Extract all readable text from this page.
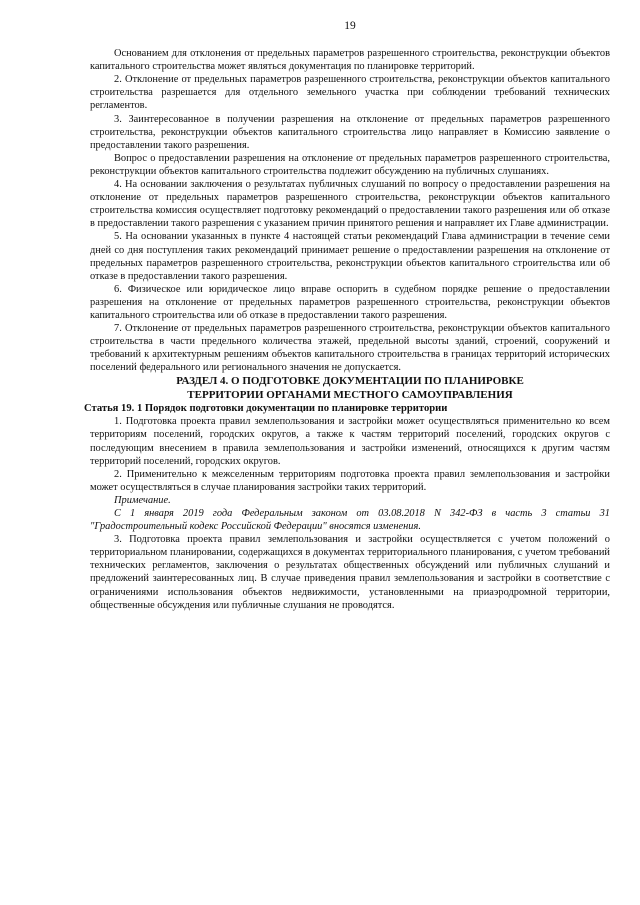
19

Основанием для отклонения от предельных параметров разрешенного строительства, реконструкции объектов капитального строительства может являться документация по планировке территорий.

2. Отклонение от предельных параметров разрешенного строительства, реконструкции объектов капитального строительства разрешается для отдельного земельного участка при соблюдении требований технических регламентов.

3. Заинтересованное в получении разрешения на отклонение от предельных параметров разрешенного строительства, реконструкции объектов капитального строительства лицо направляет в Комиссию заявление о предоставлении такого разрешения.

Вопрос о предоставлении разрешения на отклонение от предельных параметров разрешенного строительства, реконструкции объектов капитального строительства подлежит обсуждению на публичных слушаниях.

4. На основании заключения о результатах публичных слушаний по вопросу о предоставлении разрешения на отклонение от предельных параметров разрешенного строительства, реконструкции объектов капитального строительства комиссия осуществляет подготовку рекомендаций о предоставлении такого разрешения или об отказе в предоставлении такого разрешения с указанием причин принятого решения и направляет их Главе администрации.

5. На основании указанных в пункте 4 настоящей статьи рекомендаций Глава администрации в течение семи дней со дня поступления таких рекомендаций принимает решение о предоставлении разрешения на отклонение от предельных параметров разрешенного строительства, реконструкции объектов капитального строительства или об отказе в предоставлении такого разрешения.

6. Физическое или юридическое лицо вправе оспорить в судебном порядке решение о предоставлении разрешения на отклонение от предельных параметров разрешенного строительства, реконструкции объектов капитального строительства или об отказе в предоставлении такого разрешения.

7. Отклонение от предельных параметров разрешенного строительства, реконструкции объектов капитального строительства в части предельного количества этажей, предельной высоты зданий, строений, сооружений и требований к архитектурным решениям объектов капитального строительства в границах территорий исторических поселений федерального или регионального значения не допускается.

РАЗДЕЛ 4. О ПОДГОТОВКЕ ДОКУМЕНТАЦИИ ПО ПЛАНИРОВКЕ
ТЕРРИТОРИИ ОРГАНАМИ МЕСТНОГО САМОУПРАВЛЕНИЯ
Статья 19. 1 Порядок подготовки документации по планировке территории

1. Подготовка проекта правил землепользования и застройки может осуществляться применительно ко всем территориям поселений, городских округов, а также к частям территорий поселений, городских округов с последующим внесением в правила землепользования и застройки изменений, относящихся к другим частям территорий поселений, городских округов.

2. Применительно к межселенным территориям подготовка проекта правил землепользования и застройки может осуществляться в случае планирования застройки таких территорий.

Примечание.

С 1 января 2019 года Федеральным законом от 03.08.2018 N 342-ФЗ в часть 3 статьи 31 "Градостроительный кодекс Российской Федерации" вносятся изменения.

3. Подготовка проекта правил землепользования и застройки осуществляется с учетом положений о территориальном планировании, содержащихся в документах территориального планирования, с учетом требований технических регламентов, заключения о результатах общественных обсуждений или публичных слушаний и предложений заинтересованных лиц. В случае приведения правил землепользования и застройки в соответствие с ограничениями использования объектов недвижимости, установленными на приаэродромной территории, общественные обсуждения или публичные слушания не проводятся.
